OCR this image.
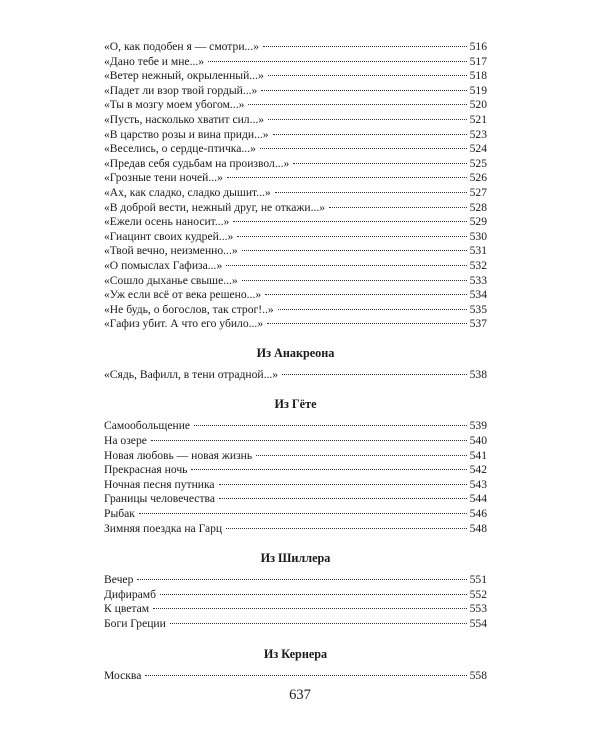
«О, как подобен я — смотри...»	516
«Дано тебе и мне...»	517
«Ветер нежный, окрыленный...»	518
«Падет ли взор твой гордый...»	519
«Ты в мозгу моем убогом...»	520
«Пусть, насколько хватит сил...»	521
«В царство розы и вина приди...»	523
«Веселись, о сердце-птичка...»	524
«Предав себя судьбам на произвол...»	525
«Грозные тени ночей...»	526
«Ах, как сладко, сладко дышит...»	527
«В доброй вести, нежный друг, не откажи...»	528
«Ежели осень наносит...»	529
«Гиацинт своих кудрей...»	530
«Твой вечно, неизменно...»	531
«О помыслах Гафиза...»	532
«Сошло дыханье свыше...»	533
«Уж если всё от века решено...»	534
«Не будь, о богослов, так строг!..»	535
«Гафиз убит. А что его убило...»	537
Из Анакреона
«Сядь, Вафилл, в тени отрадной...»	538
Из Гёте
Самообольщение	539
На озере	540
Новая любовь — новая жизнь	541
Прекрасная ночь	542
Ночная песня путника	543
Границы человечества	544
Рыбак	546
Зимняя поездка на Гарц	548
Из Шиллера
Вечер	551
Дифирамб	552
К цветам	553
Боги Греции	554
Из Кернера
Москва	558
637
